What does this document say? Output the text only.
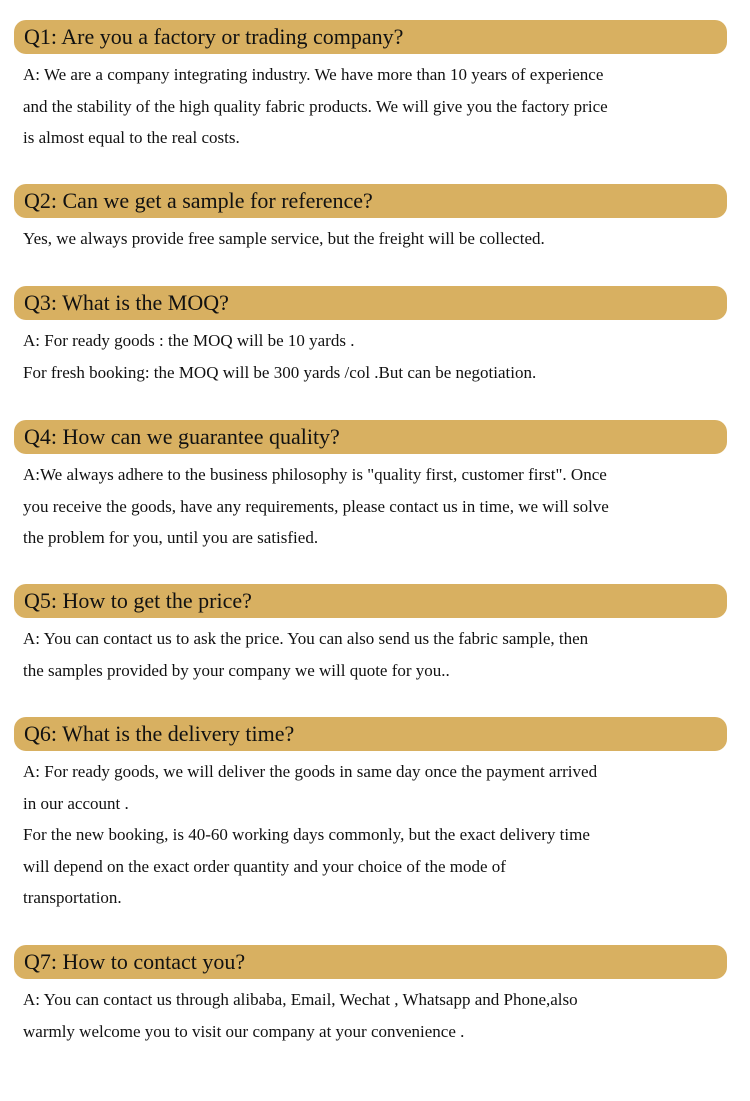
Q1: Are you a factory or trading company?
A: We are a company integrating industry. We have more than 10 years of experience
and the stability of the high quality fabric products. We will give you the factory price
is almost equal to the real costs.
Q2: Can we get a sample for reference?
Yes, we always provide free sample service, but the freight will be collected.
Q3: What is the MOQ?
A: For ready goods : the MOQ will be 10 yards .
For fresh booking: the MOQ will be 300 yards /col .But can be negotiation.
Q4: How can we guarantee quality?
A:We always adhere to the business philosophy is "quality first, customer first". Once
you receive the goods, have any requirements, please contact us in time, we will solve
the problem for you, until you are satisfied.
Q5: How to get the price?
A: You can contact us to ask the price. You can also send us the fabric sample, then
the samples provided by your company we will quote for you..
Q6: What is the delivery time?
A: For ready goods, we will deliver the goods in same day once the payment arrived
in our account .
For the new booking, is 40-60 working days commonly, but the exact delivery time
will depend on the exact order quantity and your choice of the mode of
transportation.
Q7: How to contact you?
A: You can contact us through alibaba, Email, Wechat , Whatsapp and Phone,also
warmly welcome you to visit our company at your convenience .
